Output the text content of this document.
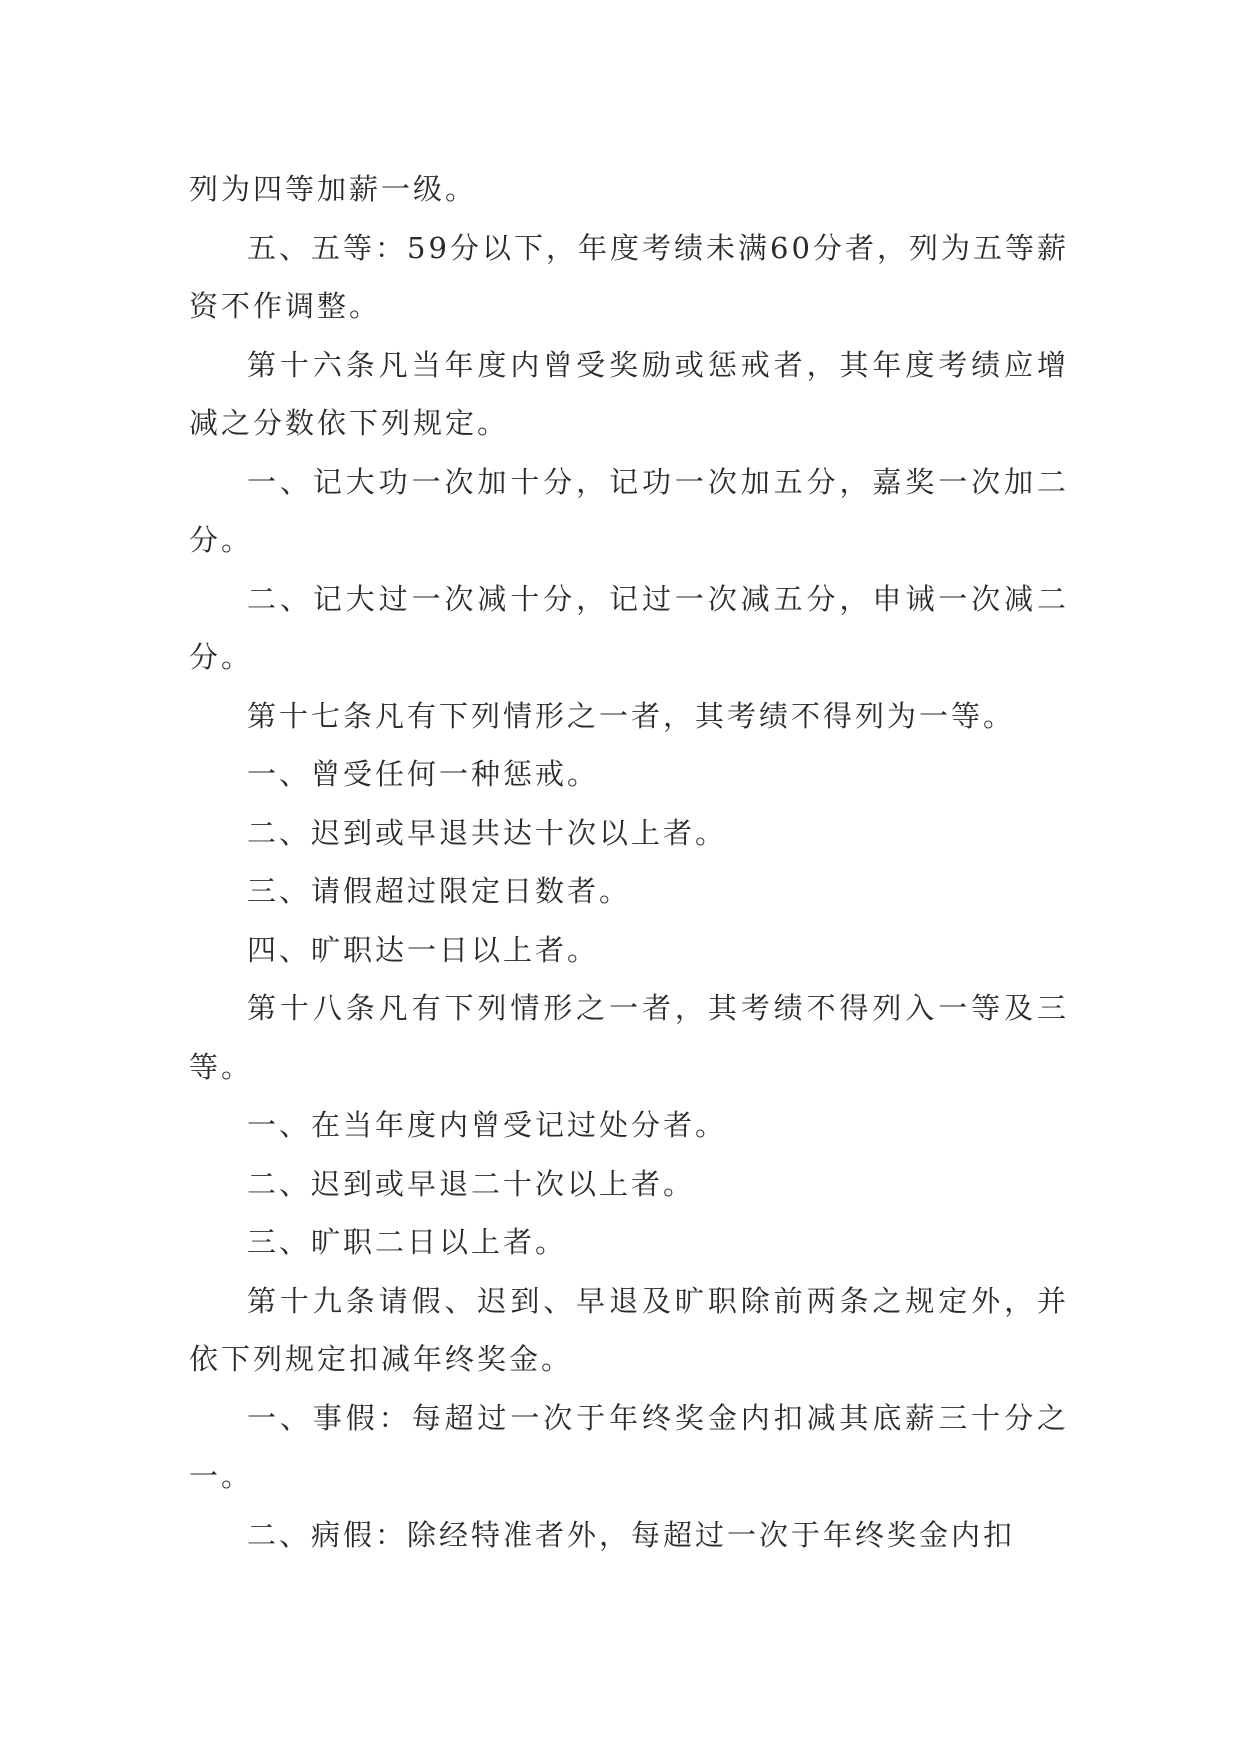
列为四等加薪一级。

五、五等：59分以下，年度考绩未满60分者，列为五等薪资不作调整。

第十六条凡当年度内曾受奖励或惩戒者，其年度考绩应增减之分数依下列规定。

一、记大功一次加十分，记功一次加五分，嘉奖一次加二分。

二、记大过一次减十分，记过一次减五分，申诫一次减二分。

第十七条凡有下列情形之一者，其考绩不得列为一等。

一、曾受任何一种惩戒。

二、迟到或早退共达十次以上者。

三、请假超过限定日数者。

四、旷职达一日以上者。

第十八条凡有下列情形之一者，其考绩不得列入一等及三等。

一、在当年度内曾受记过处分者。

二、迟到或早退二十次以上者。

三、旷职二日以上者。

第十九条请假、迟到、早退及旷职除前两条之规定外，并依下列规定扣减年终奖金。

一、事假：每超过一次于年终奖金内扣减其底薪三十分之一。

二、病假：除经特准者外，每超过一次于年终奖金内扣
